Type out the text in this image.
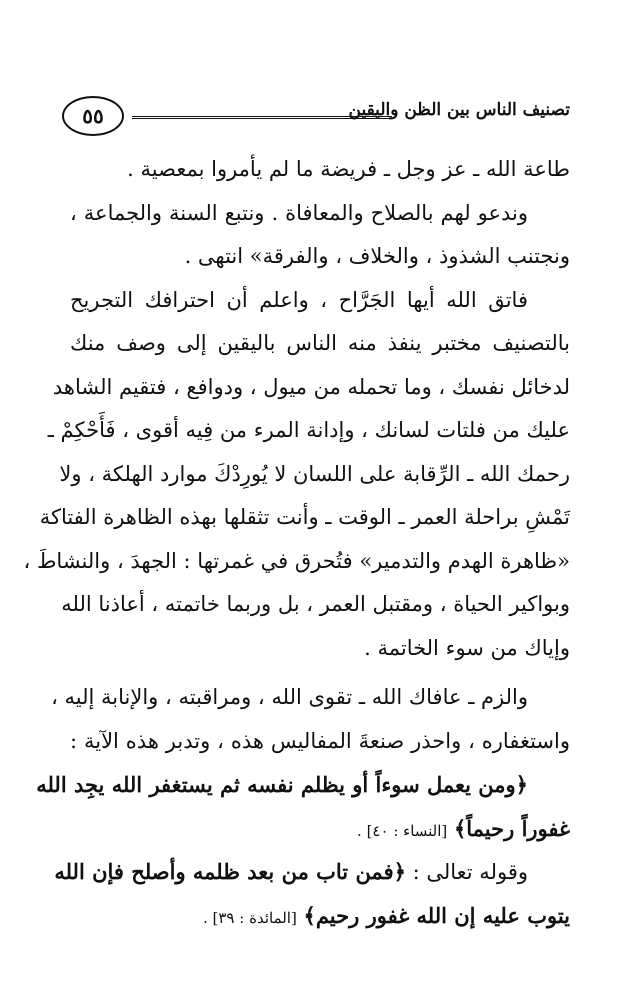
٥٥	تصنيف الناس بين الظن واليقين
طاعة الله ـ عز وجل ـ فريضة ما لم يأمروا بمعصية .
وندعو لهم بالصلاح والمعافاة . ونتبع السنة والجماعة ،
ونجتنب الشذوذ ، والخلاف ، والفرقة» انتهى .
فاتق الله أيها الجَرَّاح ، واعلم أن احترافك التجريح
بالتصنيف مختبر ينفذ منه الناس باليقين إلى وصف منك
لدخائل نفسك ، وما تحمله من ميول ، ودوافع ، فتقيم الشاهد
عليك من فلتات لسانك ، وإدانة المرء من فِيه أقوى ، فَأَحْكِمْ ـ
رحمك الله ـ الرِّقابة على اللسان لا يُورِدْكَ موارد الهلكة ، ولا
تَمْشِ براحلة العمر ـ الوقت ـ وأنت تثقلها بهذه الظاهرة الفتاكة
«ظاهرة الهدم والتدمير» فتُحرق في غمرتها : الجهدَ ، والنشاطَ ،
وبواكير الحياة ، ومقتبل العمر ، بل وربما خاتمته ، أعاذنا الله
وإياك من سوء الخاتمة .
والزم ـ عافاك الله ـ تقوى الله ، ومراقبته ، والإنابة إليه ،
واستغفاره ، واحذر صنعةَ المفاليس هذه ، وتدبر هذه الآية :
﴿ومن يعمل سوءاً أو يظلم نفسه ثم يستغفر الله يجِد الله
غفوراً رحيماً﴾ [النساء : ٤٠] .
وقوله تعالى : ﴿فمن تاب من بعد ظلمه وأصلح فإن الله
يتوب عليه إن الله غفور رحيم﴾ [المائدة : ٣٩] .
